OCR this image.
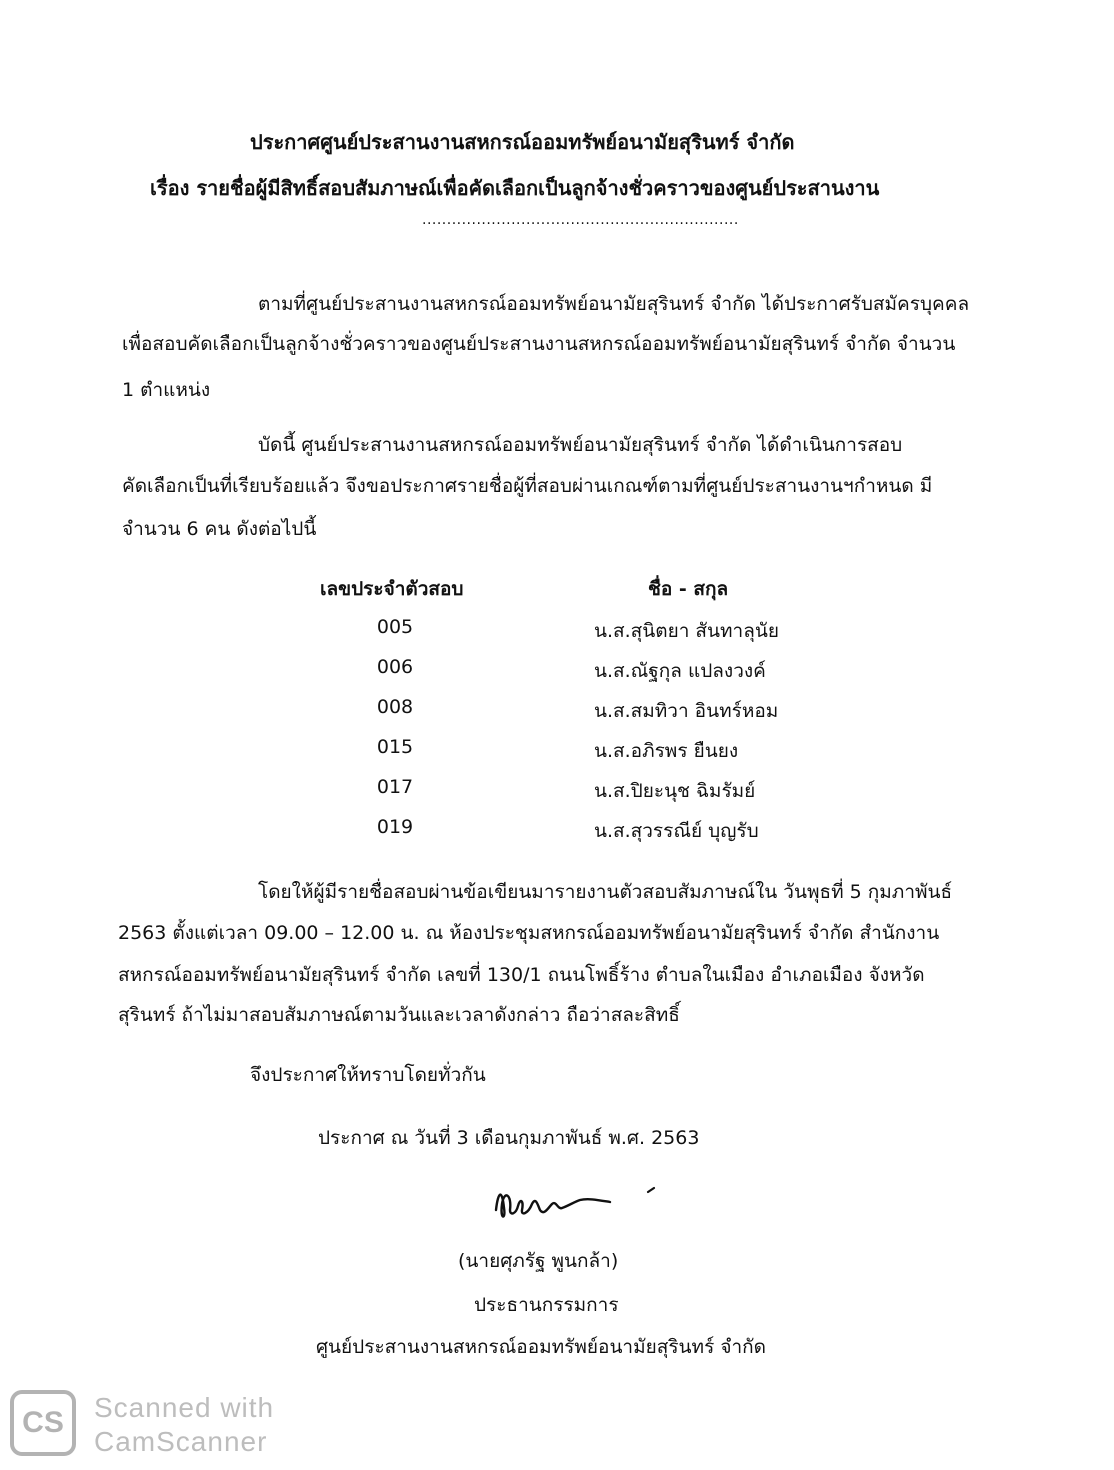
ประกาศศูนย์ประสานงานสหกรณ์ออมทรัพย์อนามัยสุรินทร์ จำกัด
เรื่อง รายชื่อผู้มีสิทธิ์สอบสัมภาษณ์เพื่อคัดเลือกเป็นลูกจ้างชั่วคราวของศูนย์ประสานงาน
................................................................
ตามที่ศูนย์ประสานงานสหกรณ์ออมทรัพย์อนามัยสุรินทร์ จำกัด ได้ประกาศรับสมัครบุคคล
เพื่อสอบคัดเลือกเป็นลูกจ้างชั่วคราวของศูนย์ประสานงานสหกรณ์ออมทรัพย์อนามัยสุรินทร์ จำกัด จำนวน
1 ตำแหน่ง
บัดนี้ ศูนย์ประสานงานสหกรณ์ออมทรัพย์อนามัยสุรินทร์ จำกัด ได้ดำเนินการสอบ
คัดเลือกเป็นที่เรียบร้อยแล้ว จึงขอประกาศรายชื่อผู้ที่สอบผ่านเกณฑ์ตามที่ศูนย์ประสานงานฯกำหนด มี
จำนวน 6 คน ดังต่อไปนี้
เลขประจำตัวสอบ	ชื่อ - สกุล
005	น.ส.สุนิตยา สันทาลุนัย
006	น.ส.ณัฐกุล แปลงวงค์
008	น.ส.สมทิวา อินทร์หอม
015	น.ส.อภิรพร ยืนยง
017	น.ส.ปิยะนุช ฉิมรัมย์
019	น.ส.สุวรรณีย์ บุญรับ
โดยให้ผู้มีรายชื่อสอบผ่านข้อเขียนมารายงานตัวสอบสัมภาษณ์ใน วันพุธที่ 5 กุมภาพันธ์
2563 ตั้งแต่เวลา 09.00 – 12.00 น. ณ ห้องประชุมสหกรณ์ออมทรัพย์อนามัยสุรินทร์ จำกัด สำนักงาน
สหกรณ์ออมทรัพย์อนามัยสุรินทร์ จำกัด เลขที่ 130/1 ถนนโพธิ์ร้าง ตำบลในเมือง อำเภอเมือง จังหวัด
สุรินทร์ ถ้าไม่มาสอบสัมภาษณ์ตามวันและเวลาดังกล่าว ถือว่าสละสิทธิ์
จึงประกาศให้ทราบโดยทั่วกัน
ประกาศ ณ วันที่ 3 เดือนกุมภาพันธ์ พ.ศ. 2563
(นายศุภรัฐ พูนกล้า)
ประธานกรรมการ
ศูนย์ประสานงานสหกรณ์ออมทรัพย์อนามัยสุรินทร์ จำกัด
CS Scanned with
CamScanner
